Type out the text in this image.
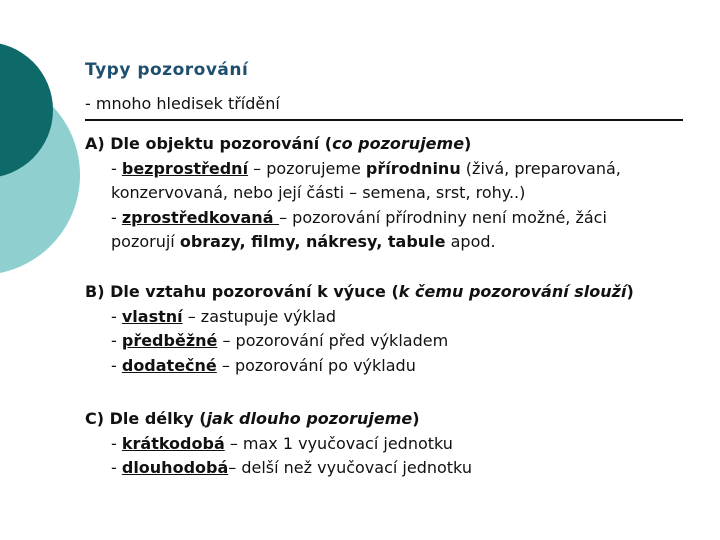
Typy pozorování
- mnoho hledisek třídění
A) Dle objektu pozorování (co pozorujeme)
- bezprostřední – pozorujeme přírodninu (živá, preparovaná,
konzervovaná, nebo její části – semena, srst, rohy..)
- zprostředkovaná – pozorování přírodniny není možné, žáci
pozorují obrazy, filmy, nákresy, tabule apod.
B) Dle vztahu pozorování k výuce (k čemu pozorování slouží)
- vlastní – zastupuje výklad
- předběžné – pozorování před výkladem
- dodatečné – pozorování po výkladu
C) Dle délky (jak dlouho pozorujeme)
- krátkodobá – max 1 vyučovací jednotku
- dlouhodobá– delší než vyučovací jednotku
